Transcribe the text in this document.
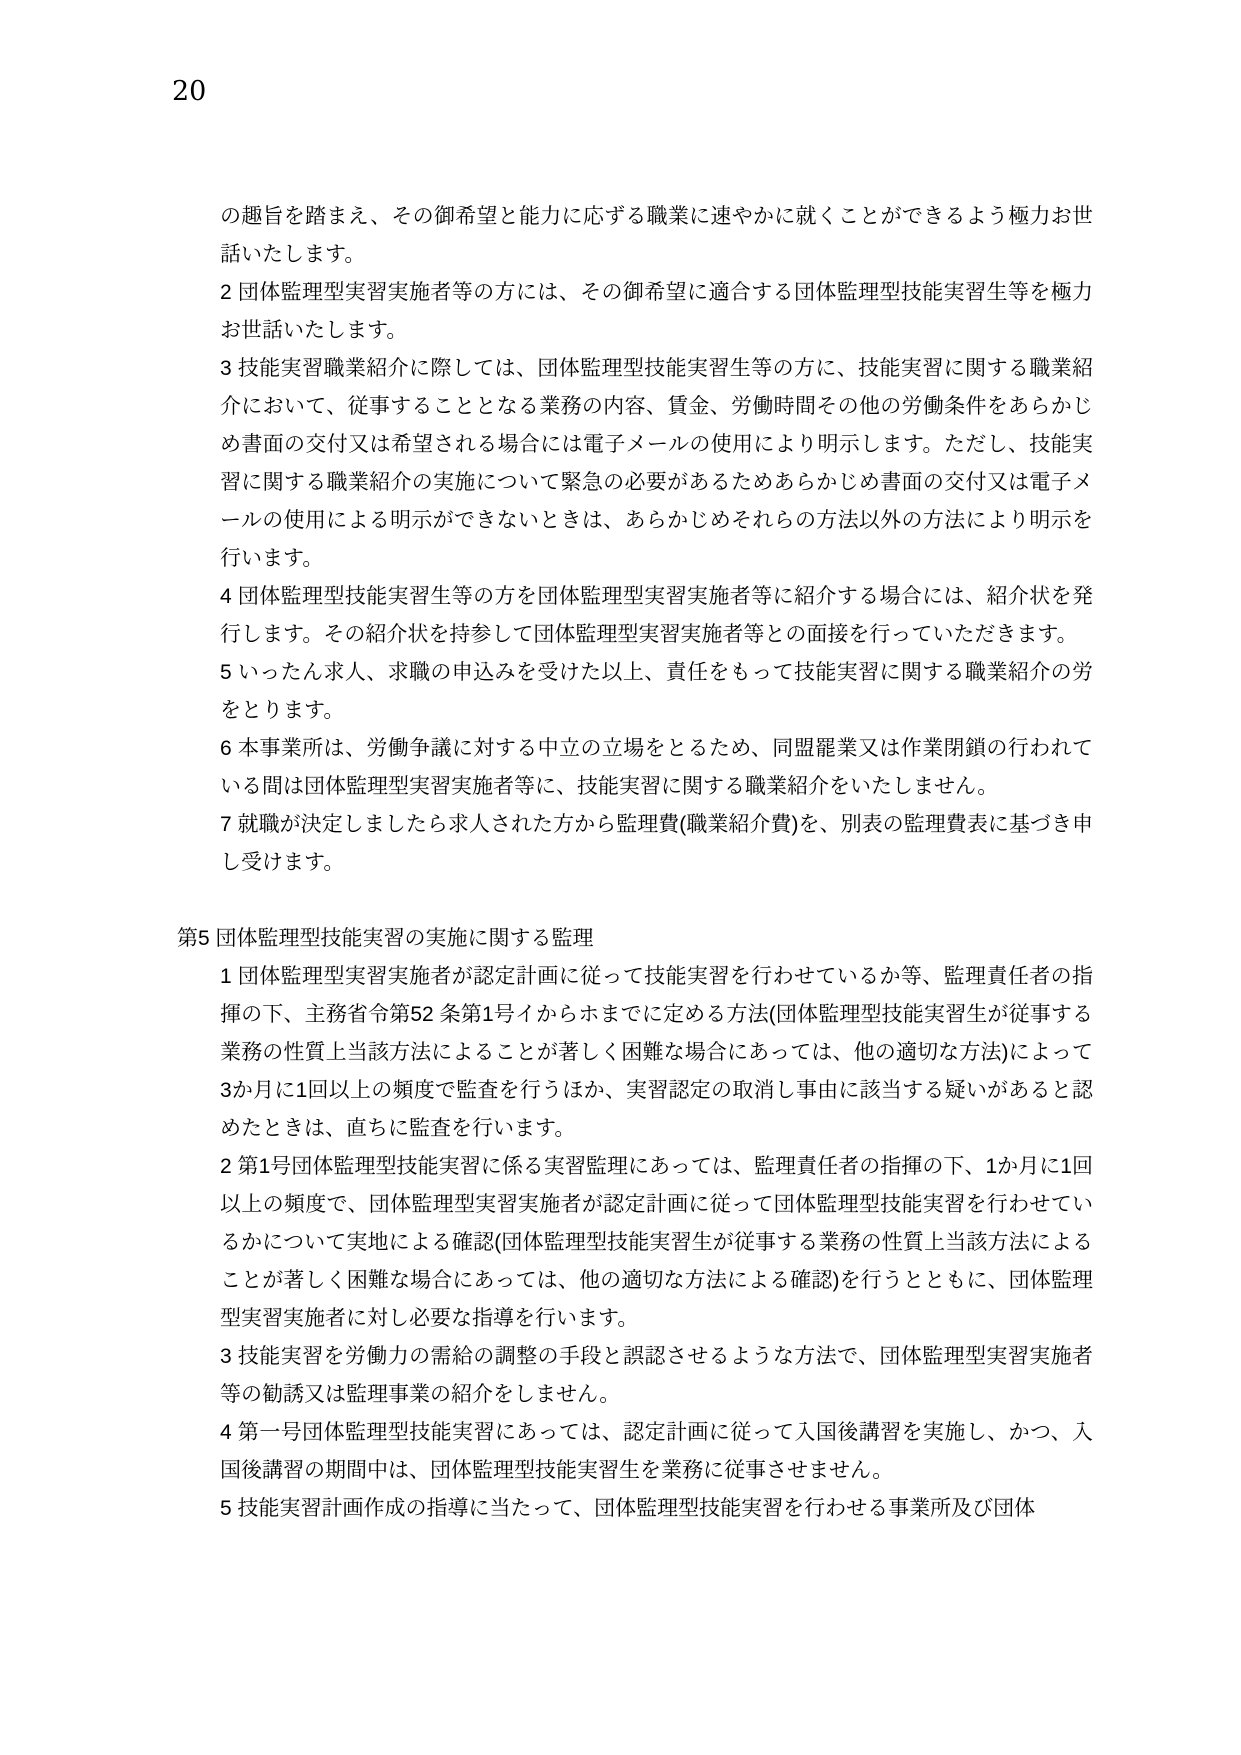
20

の趣旨を踏まえ、その御希望と能力に応ずる職業に速やかに就くことができるよう極力お世話いたします。

2 団体監理型実習実施者等の方には、その御希望に適合する団体監理型技能実習生等を極力お世話いたします。

3 技能実習職業紹介に際しては、団体監理型技能実習生等の方に、技能実習に関する職業紹介において、従事することとなる業務の内容、賃金、労働時間その他の労働条件をあらかじめ書面の交付又は希望される場合には電子メールの使用により明示します。ただし、技能実習に関する職業紹介の実施について緊急の必要があるためあらかじめ書面の交付又は電子メールの使用による明示ができないときは、あらかじめそれらの方法以外の方法により明示を行います。

4 団体監理型技能実習生等の方を団体監理型実習実施者等に紹介する場合には、紹介状を発行します。その紹介状を持参して団体監理型実習実施者等との面接を行っていただきます。

5 いったん求人、求職の申込みを受けた以上、責任をもって技能実習に関する職業紹介の労をとります。

6 本事業所は、労働争議に対する中立の立場をとるため、同盟罷業又は作業閉鎖の行われている間は団体監理型実習実施者等に、技能実習に関する職業紹介をいたしません。

7 就職が決定しましたら求人された方から監理費(職業紹介費)を、別表の監理費表に基づき申し受けます。

第5 団体監理型技能実習の実施に関する監理

1 団体監理型実習実施者が認定計画に従って技能実習を行わせているか等、監理責任者の指揮の下、主務省令第52 条第1号イからホまでに定める方法(団体監理型技能実習生が従事する業務の性質上当該方法によることが著しく困難な場合にあっては、他の適切な方法)によって3か月に1回以上の頻度で監査を行うほか、実習認定の取消し事由に該当する疑いがあると認めたときは、直ちに監査を行います。

2 第1号団体監理型技能実習に係る実習監理にあっては、監理責任者の指揮の下、1か月に1回以上の頻度で、団体監理型実習実施者が認定計画に従って団体監理型技能実習を行わせているかについて実地による確認(団体監理型技能実習生が従事する業務の性質上当該方法によることが著しく困難な場合にあっては、他の適切な方法による確認)を行うとともに、団体監理型実習実施者に対し必要な指導を行います。

3 技能実習を労働力の需給の調整の手段と誤認させるような方法で、団体監理型実習実施者等の勧誘又は監理事業の紹介をしません。

4 第一号団体監理型技能実習にあっては、認定計画に従って入国後講習を実施し、かつ、入国後講習の期間中は、団体監理型技能実習生を業務に従事させません。

5 技能実習計画作成の指導に当たって、団体監理型技能実習を行わせる事業所及び団体
